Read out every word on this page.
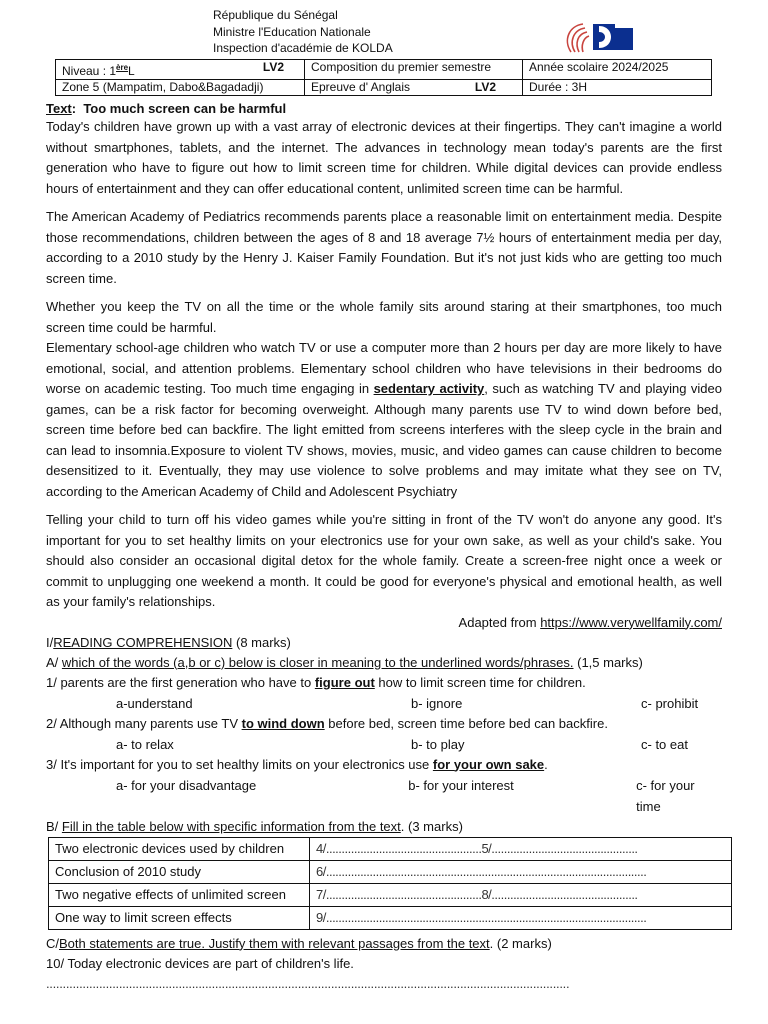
République du Sénégal
Ministre l'Education Nationale
Inspection d'académie de KOLDA
Niveau : 1èreL LV2	Composition du premier semestre	Année scolaire 2024/2025
Zone 5 (Mampatim, Dabo&Bagadadji)	Epreuve d' Anglais LV2	Durée : 3H
Text:  Too much screen can be harmful

Today's children have grown up with a vast array of electronic devices at their fingertips. They can't imagine a world without smartphones, tablets, and the internet. The advances in technology mean today's parents are the first generation who have to figure out how to limit screen time for children. While digital devices can provide endless hours of entertainment and they can offer educational content, unlimited screen time can be harmful.

The American Academy of Pediatrics recommends parents place a reasonable limit on entertainment media. Despite those recommendations, children between the ages of 8 and 18 average 7½ hours of entertainment media per day, according to a 2010 study by the Henry J. Kaiser Family Foundation. But it's not just kids who are getting too much screen time.

Whether you keep the TV on all the time or the whole family sits around staring at their smartphones, too much screen time could be harmful.

Elementary school-age children who watch TV or use a computer more than 2 hours per day are more likely to have emotional, social, and attention problems. Elementary school children who have televisions in their bedrooms do worse on academic testing. Too much time engaging in sedentary activity, such as watching TV and playing video games, can be a risk factor for becoming overweight. Although many parents use TV to wind down before bed, screen time before bed can backfire. The light emitted from screens interferes with the sleep cycle in the brain and can lead to insomnia.Exposure to violent TV shows, movies, music, and video games can cause children to become desensitized to it. Eventually, they may use violence to solve problems and may imitate what they see on TV, according to the American Academy of Child and Adolescent Psychiatry

Telling your child to turn off his video games while you're sitting in front of the TV won't do anyone any good. It's important for you to set healthy limits on your electronics use for your own sake, as well as your child's sake. You should also consider an occasional digital detox for the whole family. Create a screen-free night once a week or commit to unplugging one weekend a month. It could be good for everyone's physical and emotional health, as well as your family's relationships.

Adapted from https://www.verywellfamily.com/
I/READING COMPREHENSION (8 marks)
A/ which of the words (a,b or c) below is closer in meaning to the underlined words/phrases. (1,5 marks)
1/ parents are the first generation who have to figure out how to limit screen time for children.
a-understand	b- ignore	c- prohibit
2/ Although many parents use TV to wind down before bed, screen time before bed can backfire.
a- to relax	b- to play	c- to eat
3/ It's important for you to set healthy limits on your electronics use for your own sake.
a- for your disadvantage	b- for your interest	c- for your time
B/ Fill in the table below with specific information from the text. (3 marks)
Two electronic devices used by children	4/..................................................5/...............................................
Conclusion of 2010 study	6/.......................................................................................................
Two negative effects of unlimited screen	7/..................................................8/...............................................
One way to limit screen effects	9/.......................................................................................................
C/Both statements are true. Justify them with relevant passages from the text. (2 marks)
10/ Today electronic devices are part of children's life.
..............................................................................................................................................................
